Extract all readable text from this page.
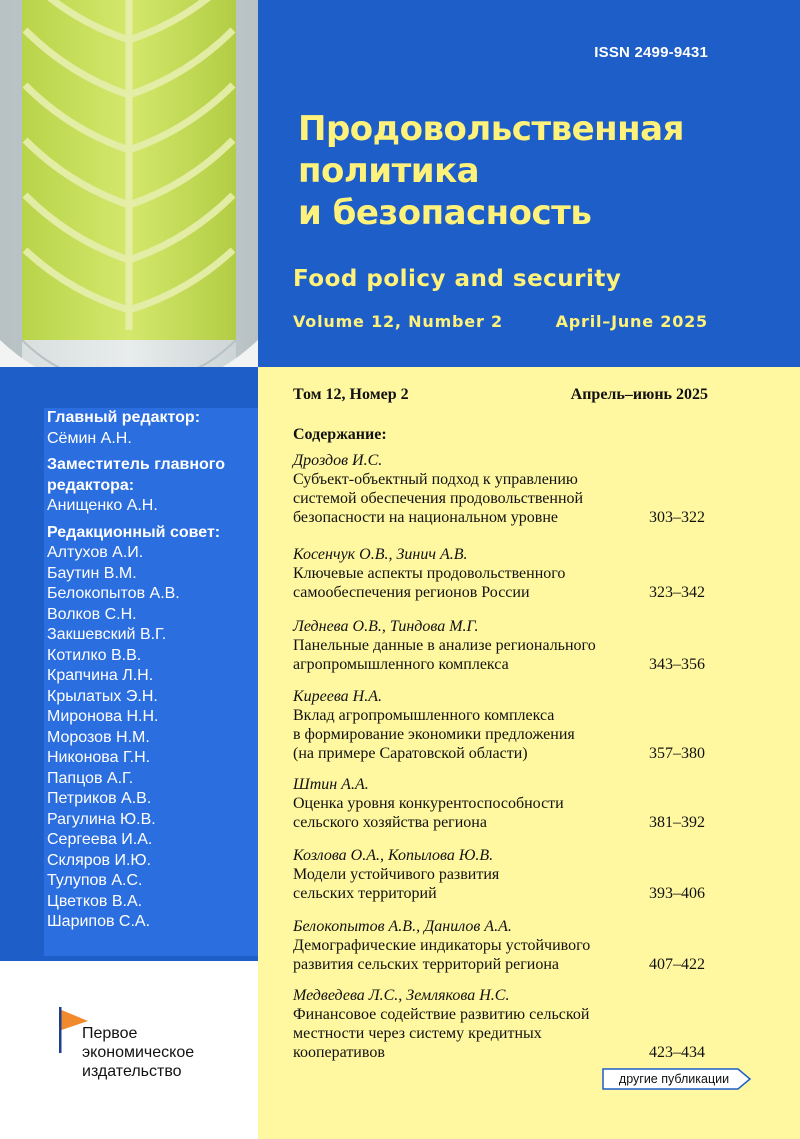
ISSN 2499-9431
Продовольственная
политика
и безопасность
Food policy and security
Volume 12, Number 2	April–June 2025
Главный редактор:
Сёмин А.Н.
Заместитель главного редактора:
Анищенко А.Н.
Редакционный совет:
Алтухов А.И.
Баутин В.М.
Белокопытов А.В.
Волков С.Н.
Закшевский В.Г.
Котилко В.В.
Крапчина Л.Н.
Крылатых Э.Н.
Миронова Н.Н.
Морозов Н.М.
Никонова Г.Н.
Папцов А.Г.
Петриков А.В.
Рагулина Ю.В.
Сергеева И.А.
Скляров И.Ю.
Тулупов А.С.
Цветков В.А.
Шарипов С.А.
Том 12, Номер 2	Апрель–июнь 2025
Содержание:
Дроздов И.С.
Субъект-объектный подход к управлению
системой обеспечения продовольственной
безопасности на национальном уровне	303–322
Косенчук О.В., Зинич А.В.
Ключевые аспекты продовольственного
самообеспечения регионов России	323–342
Леднева О.В., Тиндова М.Г.
Панельные данные в анализе регионального
агропромышленного комплекса	343–356
Киреева Н.А.
Вклад агропромышленного комплекса
в формирование экономики предложения
(на примере Саратовской области)	357–380
Штин А.А.
Оценка уровня конкурентоспособности
сельского хозяйства региона	381–392
Козлова О.А., Копылова Ю.В.
Модели устойчивого развития
сельских территорий	393–406
Белокопытов А.В., Данилов А.А.
Демографические индикаторы устойчивого
развития сельских территорий региона	407–422
Медведева Л.С., Землякова Н.С.
Финансовое содействие развитию сельской
местности через систему кредитных
кооперативов	423–434
Первое
экономическое
издательство	другие публикации
